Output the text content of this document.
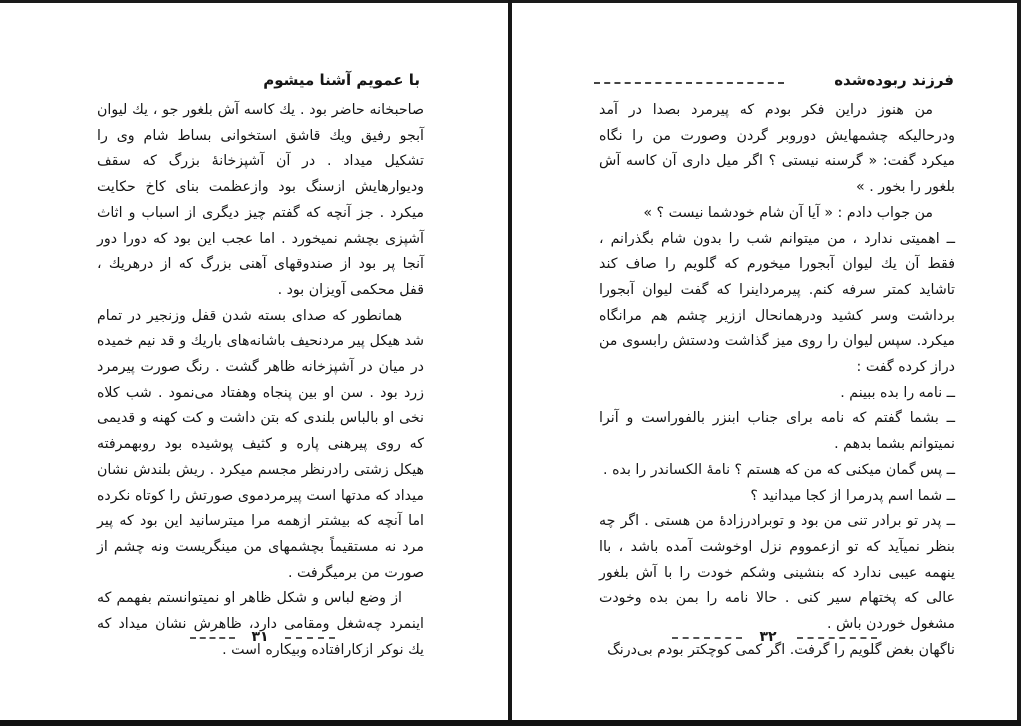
با عمویم آشنا میشوم

صاحبخانه حاضر بود . یك کاسه آش بلغور جو ، یك لیوان آبجو رفیق ویك قاشق استخوانی بساط شام وی را تشکیل میداد . در آن آشپزخانهٔ بزرگ که سقف ودیوارهایش ازسنگ بود وازعظمت بنای کاخ حکایت میکرد . جز آنچه که گفتم چیز دیگری از اسباب و اثاث آشپزی بچشم نمیخورد . اما عجب این بود که دورا دور آنجا پر بود از صندوقهای آهنی بزرگ که از درهریك ، قفل محکمی آویزان بود .

همانطور که صدای بسته شدن قفل وزنجیر در تمام شد هیکل پیر مردنحیف باشانه‌های باریك و قد نیم خمیده در میان در آشپزخانه ظاهر گشت . رنگ صورت پیرمرد زرد بود . سن او بین پنجاه وهفتاد می‌نمود . شب کلاه نخی او بالباس بلندی که بتن داشت و کت کهنه و قدیمی که روی پیرهنی پاره و کثیف پوشیده بود روبهمرفته هیکل زشتی رادرنظر مجسم میکرد . ریش بلندش نشان میداد که مدتها است پیرمردموی صورتش را کوتاه نکرده اما آنچه که بیشتر ازهمه مرا میترسانید این بود که پیر مرد نه مستقیماً بچشمهای من مینگریست ونه چشم از صورت من برمیگرفت .

از وضع لباس و شکل ظاهر او نمیتوانستم بفهمم که اینمرد چه‌شغل ومقامی دارد، ظاهرش نشان میداد که یك نوکر ازکارافتاده وبیکاره است .

۳۱
فرزند ربوده‌شده

من هنوز دراین فکر بودم که پیرمرد بصدا در آمد ودرحالیکه چشمهایش دوروبر گردن وصورت من را نگاه میکرد گفت: « گرسنه نیستی ؟ اگر میل داری آن کاسه آش بلغور را بخور . »

من جواب دادم : « آیا آن شام خودشما نیست ؟ »

ــ اهمیتی ندارد ، من میتوانم شب را بدون شام بگذرانم ، فقط آن یك لیوان آبجورا میخورم که گلویم را صاف کند تاشاید کمتر سرفه کنم. پیرمرداینرا که گفت لیوان آبجورا برداشت وسر کشید ودرهمانحال اززیر چشم هم مرانگاه میکرد. سپس لیوان را روی میز گذاشت ودستش رابسوی من دراز کرده گفت :

ــ نامه را بده ببینم .

ــ بشما گفتم که نامه برای جناب ابنزر بالفوراست و آنرا نمیتوانم بشما بدهم .

ــ پس گمان میکنی که من که هستم ؟ نامهٔ الکساندر را بده .

ــ شما اسم پدرمرا از کجا میدانید ؟

ــ پدر تو برادر تنی من بود و توبرادرزادهٔ من هستی . اگر چه بنظر نمیآید که تو ازعمووم نزل اوخوشت آمده باشد ، باا ینهمه عیبی ندارد که بنشینی وشکم خودت را با آش بلغور عالی که پختهام سیر کنی . حالا نامه را بمن بده وخودت مشغول خوردن باش .

ناگهان بغض گلویم را گرفت. اگر کمی کوچکتر بودم بی‌درنگ

۳۲
